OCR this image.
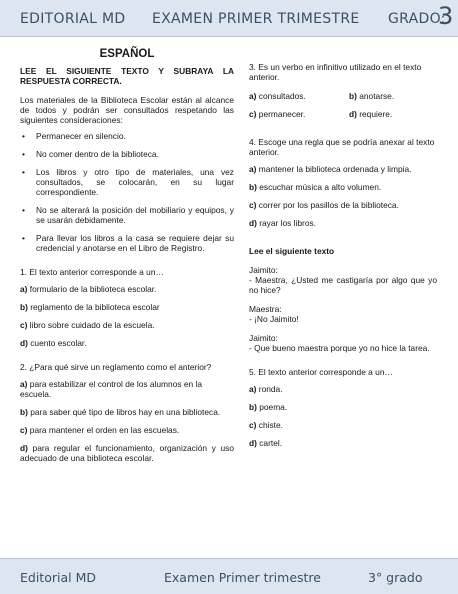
EDITORIAL MD EXAMEN PRIMER TRIMESTRE GRADO:
3
ESPAÑOL

LEE EL SIGUIENTE TEXTO Y SUBRAYA LA RESPUESTA CORRECTA.

Los materiales de la Biblioteca Escolar están al alcance de todos y podrán ser consultados respetando las siguientes consideraciones:

• Permanecer en silencio.
• No comer dentro de la biblioteca.
• Los libros y otro tipo de materiales, una vez consultados, se colocarán, en su lugar correspondiente.
• No se alterará la posición del mobiliario y equipos, y se usarán debidamente.
• Para llevar los libros a la casa se requiere dejar su credencial y anotarse en el Libro de Registro.

1. El texto anterior corresponde a un…

a) formulario de la biblioteca escolar.

b) reglamento de la biblioteca escolar

c) libro sobre cuidado de la escuela.

d) cuento escolar.

2. ¿Para qué sirve un reglamento como el anterior?

a) para estabilizar el control de los alumnos en la escuela.

b) para saber qué tipo de libros hay en una biblioteca.

c) para mantener el orden en las escuelas.

d) para regular el funcionamiento, organización y uso adecuado de una biblioteca escolar.

3. Es un verbo en infinitivo utilizado en el texto anterior.

a) consultados.	b) anotarse.
c) permanecer.	d) requiere.

4. Escoge una regla que se podría anexar al texto anterior.

a) mantener la biblioteca ordenada y limpia.

b) escuchar música a alto volumen.

c) correr por los pasillos de la biblioteca.

d) rayar los libros.

Lee el siguiente texto

Jaimito:

- Maestra, ¿Usted me castigaría por algo que yo no hice?

Maestra:

- ¡No Jaimito!

Jaimito:

- Que bueno maestra porque yo no hice la tarea.

5. El texto anterior corresponde a un…

a) ronda.

b) poema.

c) chiste.

d) cartel.

Editorial MD	Examen Primer trimestre	3° grado
